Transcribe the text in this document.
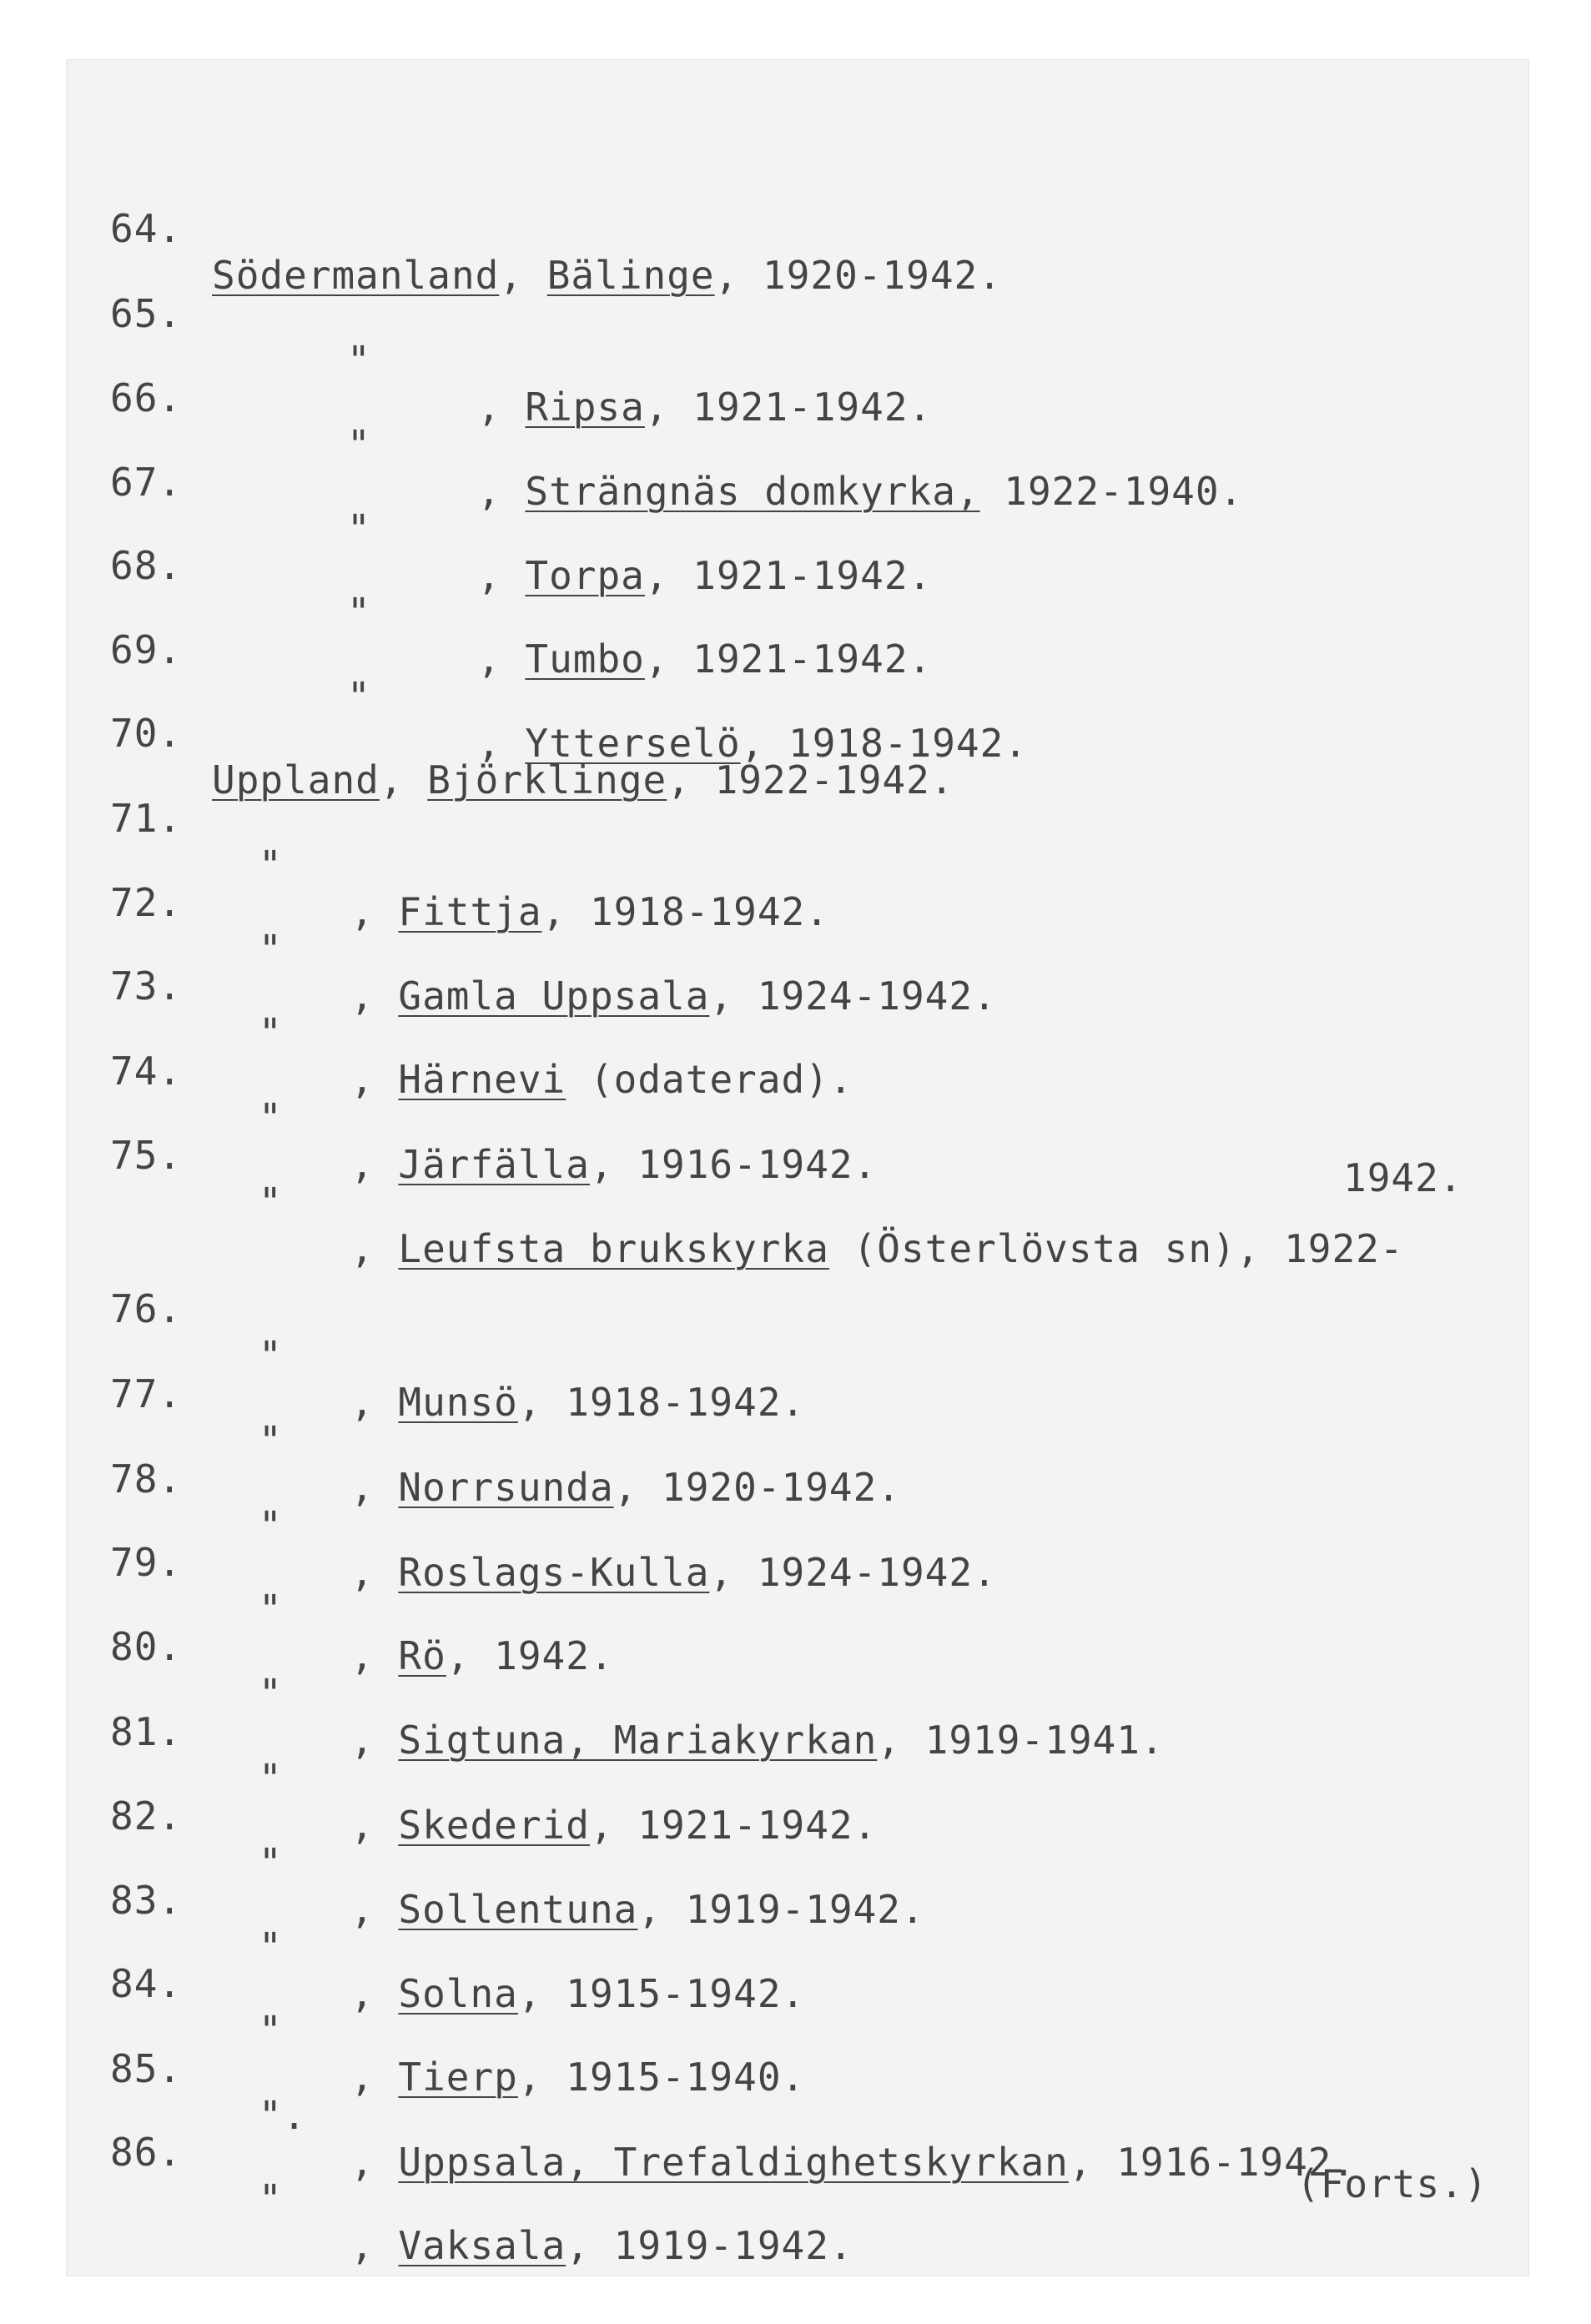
64.

Södermanland, Bälinge, 1920-1942.

65.

"

, Ripsa, 1921-1942.

66.

"

, Strängnäs domkyrka, 1922-1940.

67.

"

, Torpa, 1921-1942.

68.

"

, Tumbo, 1921-1942.

69.

"

, Ytterselö, 1918-1942.

70.

Uppland, Björklinge, 1922-1942.

71.

"

, Fittja, 1918-1942.

72.

"

, Gamla Uppsala, 1924-1942.

73.

"

, Härnevi (odaterad).

74.

"

, Järfälla, 1916-1942.

75.

"

, Leufsta brukskyrka (Österlövsta sn), 1922-

1942.

76.

"

, Munsö, 1918-1942.

77.

"

, Norrsunda, 1920-1942.

78.

"

, Roslags-Kulla, 1924-1942.

79.

"

, Rö, 1942.

80.

"

, Sigtuna, Mariakyrkan, 1919-1941.

81.

"

, Skederid, 1921-1942.

82.

"

, Sollentuna, 1919-1942.

83.

"

, Solna, 1915-1942.

84.

"

, Tierp, 1915-1940.

85.

".

, Uppsala, Trefaldighetskyrkan, 1916-1942.

86.

"

, Vaksala, 1919-1942.

(Forts.)
